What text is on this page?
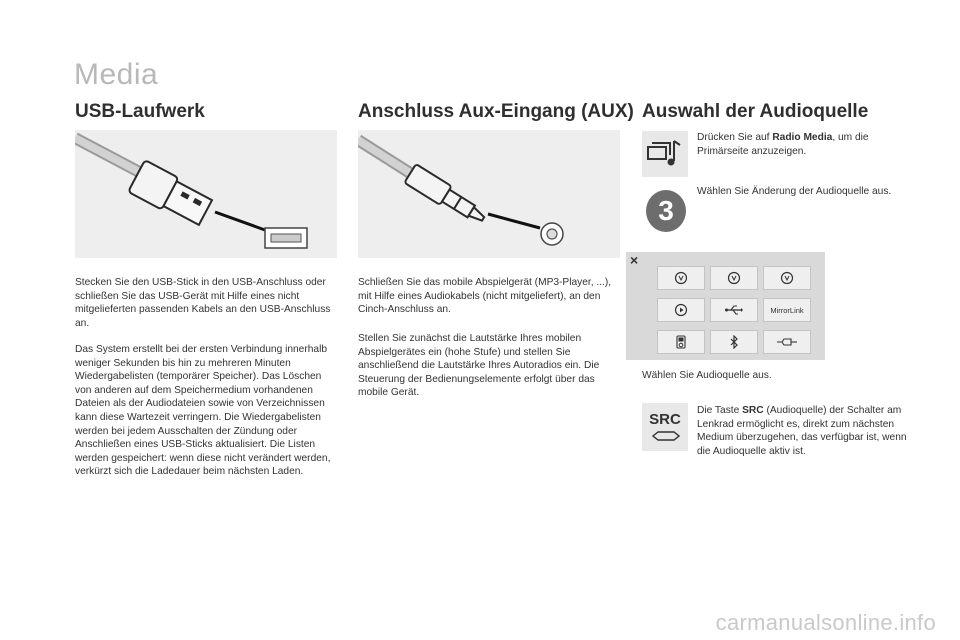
Media
USB-Laufwerk

Stecken Sie den USB-Stick in den USB-Anschluss oder schließen Sie das USB-Gerät mit Hilfe eines nicht mitgelieferten passenden Kabels an den USB-Anschluss an.

Das System erstellt bei der ersten Verbindung innerhalb weniger Sekunden bis hin zu mehreren Minuten Wiedergabelisten (temporärer Speicher). Das Löschen von anderen auf dem Speichermedium vorhandenen Dateien als der Audiodateien sowie von Verzeichnissen kann diese Wartezeit verringern. Die Wiedergabelisten werden bei jedem Ausschalten der Zündung oder Anschließen eines USB-Sticks aktualisiert. Die Listen werden gespeichert: wenn diese nicht verändert werden, verkürzt sich die Ladedauer beim nächsten Laden.

Anschluss Aux-Eingang (AUX)

Schließen Sie das mobile Abspielgerät (MP3-Player, ...), mit Hilfe eines Audiokabels (nicht mitgeliefert), an den Cinch-Anschluss an.

Stellen Sie zunächst die Lautstärke Ihres mobilen Abspielgerätes ein (hohe Stufe) und stellen Sie anschließend die Lautstärke Ihres Autoradios ein. Die Steuerung der Bedienungselemente erfolgt über das mobile Gerät.

Auswahl der Audioquelle

Drücken Sie auf Radio Media, um die Primärseite anzuzeigen.

3

Wählen Sie Änderung der Audioquelle aus.

×
MirrorLink

Wählen Sie Audioquelle aus.

SRC

Die Taste SRC (Audioquelle) der Schalter am Lenkrad ermöglicht es, direkt zum nächsten Medium überzugehen, das verfügbar ist, wenn die Audioquelle aktiv ist.

carmanualsonline.info
